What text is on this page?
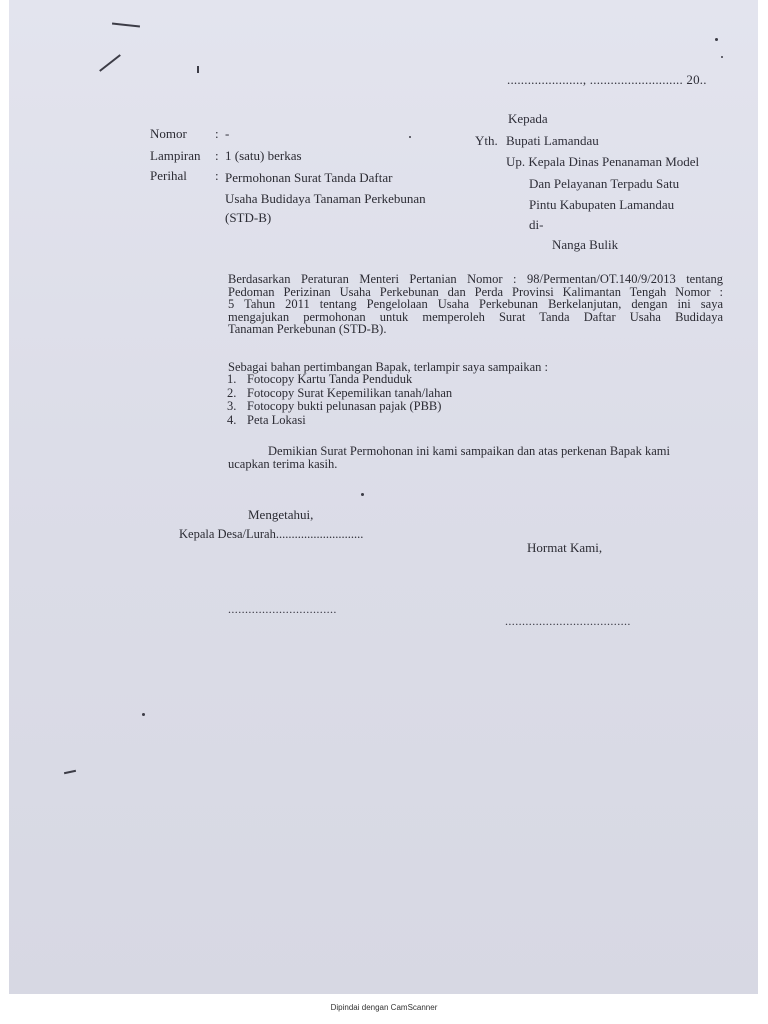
......................, ........................... 20..
Nomor : -
Lampiran : 1 (satu) berkas
Perihal : Permohonan Surat Tanda Daftar
Usaha Budidaya Tanaman Perkebunan
(STD-B)
Kepada
Yth. Bupati Lamandau
Up. Kepala Dinas Penanaman Model
Dan Pelayanan Terpadu Satu
Pintu Kabupaten Lamandau
di-
Nanga Bulik
Berdasarkan Peraturan Menteri Pertanian Nomor : 98/Permentan/OT.140/9/2013 tentang
Pedoman Perizinan Usaha Perkebunan dan Perda Provinsi Kalimantan Tengah Nomor :
5 Tahun 2011 tentang Pengelolaan Usaha Perkebunan Berkelanjutan, dengan ini saya
mengajukan permohonan untuk memperoleh Surat Tanda Daftar Usaha Budidaya
Tanaman Perkebunan (STD-B).
Sebagai bahan pertimbangan Bapak, terlampir saya sampaikan :
1. Fotocopy Kartu Tanda Penduduk
2. Fotocopy Surat Kepemilikan tanah/lahan
3. Fotocopy bukti pelunasan pajak (PBB)
4. Peta Lokasi
Demikian Surat Permohonan ini kami sampaikan dan atas perkenan Bapak kami
ucapkan terima kasih.
Mengetahui,
Kepala Desa/Lurah............................
Hormat Kami,
................................
.....................................
Dipindai dengan CamScanner
